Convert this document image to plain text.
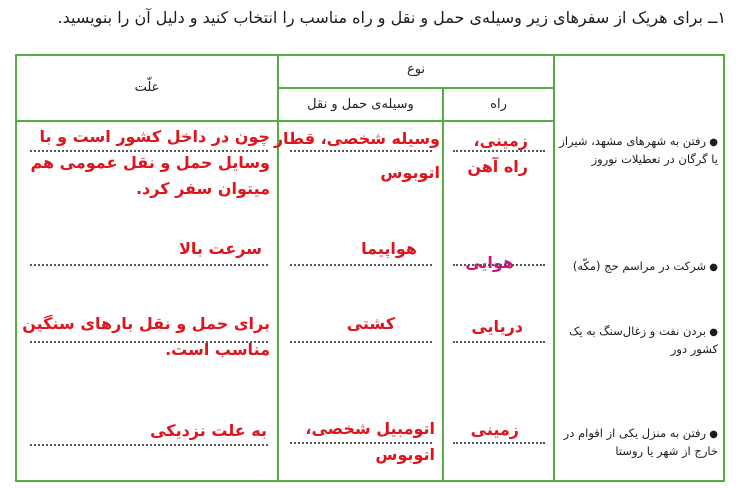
۱ــ برای هریک از سفرهای زیر وسیله‌ی حمل و نقل و راه مناسب را انتخاب کنید و دلیل آن را بنویسید.
علّت
نوع
وسیله‌ی حمل و نقل	راه
● رفتن به شهرهای مشهد، شیراز یا گرگان در تعطیلات نوروز
زمینی،
راه آهن
وسیله شخصی، قطار
اتوبوس
چون در داخل کشور است و با
وسایل حمل و نقل عمومی هم
میتوان سفر کرد.
● شرکت در مراسم حج (مکّه)
هوایی
هواپیما
سرعت بالا
● بردن نفت و زغال‌سنگ به یک کشور دور
دریایی
کشتی
برای حمل و نقل بارهای سنگین
مناسب است.
● رفتن به منزل یکی از اقوام در خارج از شهر یا روستا
زمینی
اتومبیل شخصی،
اتوبوس
به علت نزدیکی
